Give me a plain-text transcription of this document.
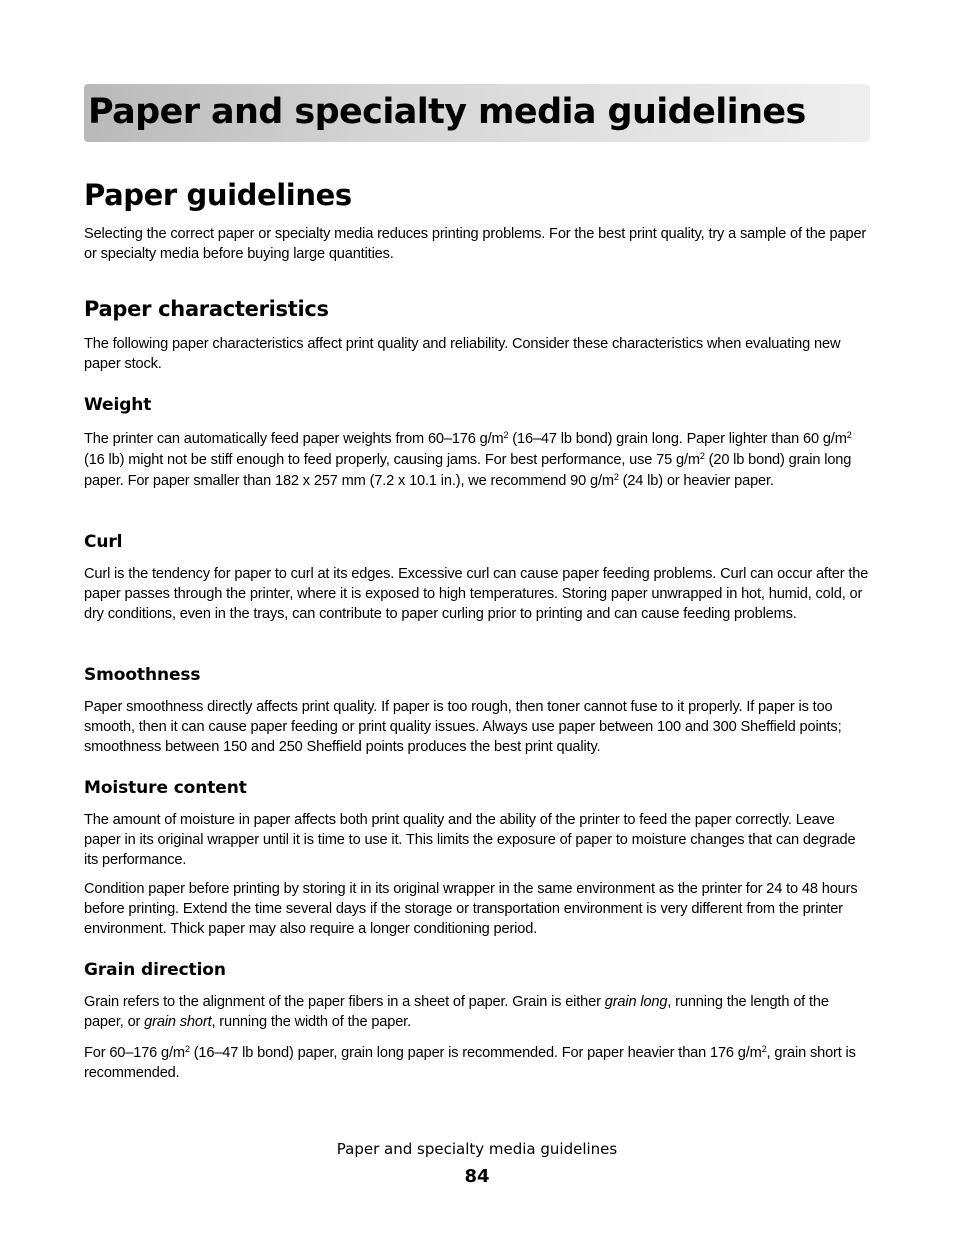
Paper and specialty media guidelines
Paper guidelines

Selecting the correct paper or specialty media reduces printing problems. For the best print quality, try a sample of the paper or specialty media before buying large quantities.

Paper characteristics

The following paper characteristics affect print quality and reliability. Consider these characteristics when evaluating new paper stock.

Weight

The printer can automatically feed paper weights from 60–176 $g/m^2$ (16–47 lb bond) grain long. Paper lighter than 60 $g/m^2$ (16 lb) might not be stiff enough to feed properly, causing jams. For best performance, use 75 $g/m^2$ (20 lb bond) grain long paper. For paper smaller than 182 x 257 mm (7.2 x 10.1 in.), we recommend 90 $g/m^2$ (24 lb) or heavier paper.

Curl

Curl is the tendency for paper to curl at its edges. Excessive curl can cause paper feeding problems. Curl can occur after the paper passes through the printer, where it is exposed to high temperatures. Storing paper unwrapped in hot, humid, cold, or dry conditions, even in the trays, can contribute to paper curling prior to printing and can cause feeding problems.

Smoothness

Paper smoothness directly affects print quality. If paper is too rough, then toner cannot fuse to it properly. If paper is too smooth, then it can cause paper feeding or print quality issues. Always use paper between 100 and 300 Sheffield points; smoothness between 150 and 250 Sheffield points produces the best print quality.

Moisture content

The amount of moisture in paper affects both print quality and the ability of the printer to feed the paper correctly. Leave paper in its original wrapper until it is time to use it. This limits the exposure of paper to moisture changes that can degrade its performance.

Condition paper before printing by storing it in its original wrapper in the same environment as the printer for 24 to 48 hours before printing. Extend the time several days if the storage or transportation environment is very different from the printer environment. Thick paper may also require a longer conditioning period.

Grain direction

Grain refers to the alignment of the paper fibers in a sheet of paper. Grain is either grain long, running the length of the paper, or grain short, running the width of the paper.

For 60–176 $g/m^2$ (16–47 lb bond) paper, grain long paper is recommended. For paper heavier than 176 $g/m^2$, grain short is recommended.

Paper and specialty media guidelines
84
